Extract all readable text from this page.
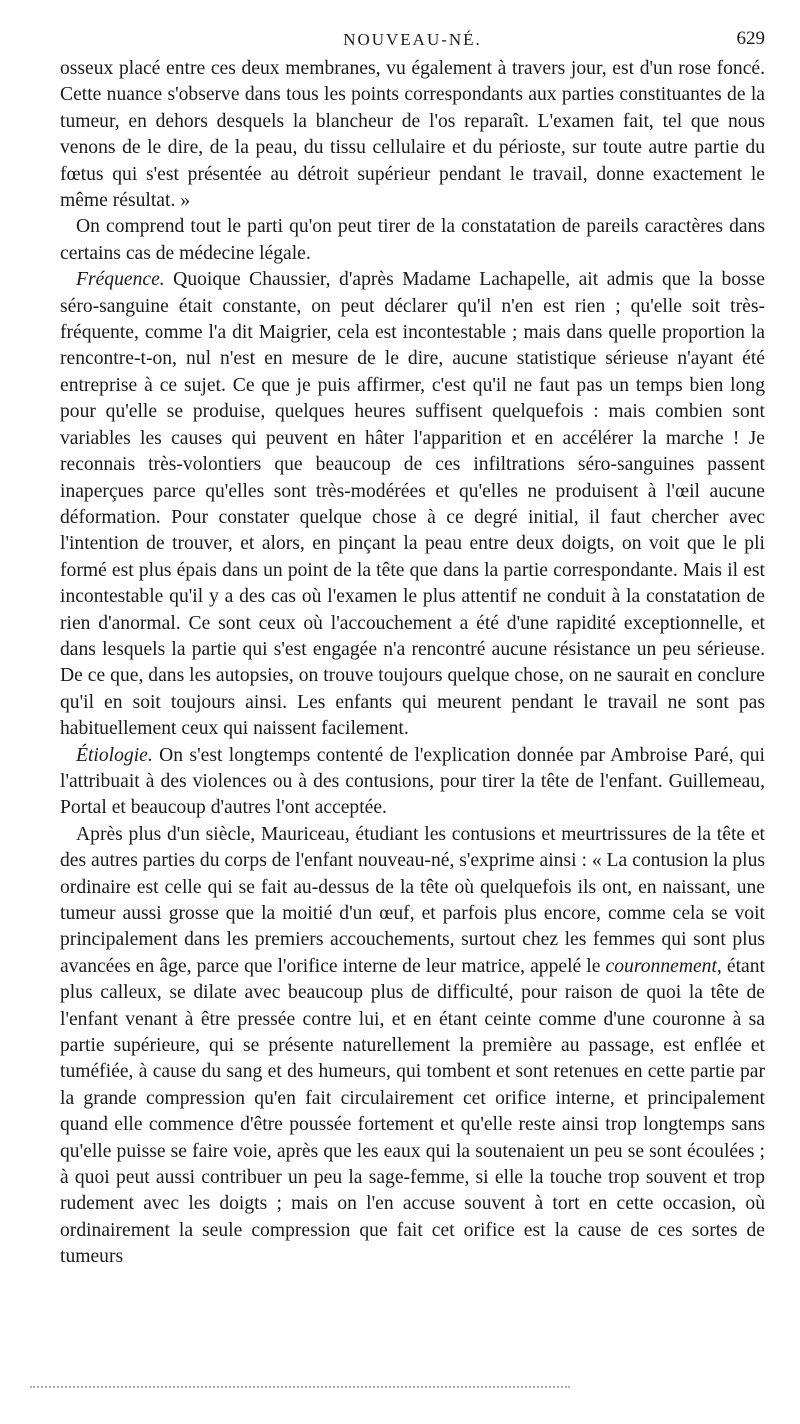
NOUVEAU-NÉ.	629

osseux placé entre ces deux membranes, vu également à travers jour, est d'un rose foncé. Cette nuance s'observe dans tous les points correspondants aux parties constituantes de la tumeur, en dehors desquels la blancheur de l'os reparaît. L'examen fait, tel que nous venons de le dire, de la peau, du tissu cellulaire et du périoste, sur toute autre partie du fœtus qui s'est présentée au détroit supérieur pendant le travail, donne exactement le même résultat. »

On comprend tout le parti qu'on peut tirer de la constatation de pareils caractères dans certains cas de médecine légale.

Fréquence. Quoique Chaussier, d'après Madame Lachapelle, ait admis que la bosse séro-sanguine était constante, on peut déclarer qu'il n'en est rien ; qu'elle soit très-fréquente, comme l'a dit Maigrier, cela est incontestable ; mais dans quelle proportion la rencontre-t-on, nul n'est en mesure de le dire, aucune statistique sérieuse n'ayant été entreprise à ce sujet. Ce que je puis affirmer, c'est qu'il ne faut pas un temps bien long pour qu'elle se produise, quelques heures suffisent quelquefois : mais combien sont variables les causes qui peuvent en hâter l'apparition et en accélérer la marche ! Je reconnais très-volontiers que beaucoup de ces infiltrations séro-sanguines passent inaperçues parce qu'elles sont très-modérées et qu'elles ne produisent à l'œil aucune déformation. Pour constater quelque chose à ce degré initial, il faut chercher avec l'intention de trouver, et alors, en pinçant la peau entre deux doigts, on voit que le pli formé est plus épais dans un point de la tête que dans la partie correspondante. Mais il est incontestable qu'il y a des cas où l'examen le plus attentif ne conduit à la constatation de rien d'anormal. Ce sont ceux où l'accouchement a été d'une rapidité exceptionnelle, et dans lesquels la partie qui s'est engagée n'a rencontré aucune résistance un peu sérieuse. De ce que, dans les autopsies, on trouve toujours quelque chose, on ne saurait en conclure qu'il en soit toujours ainsi. Les enfants qui meurent pendant le travail ne sont pas habituellement ceux qui naissent facilement.

Étiologie. On s'est longtemps contenté de l'explication donnée par Ambroise Paré, qui l'attribuait à des violences ou à des contusions, pour tirer la tête de l'enfant. Guillemeau, Portal et beaucoup d'autres l'ont acceptée.

Après plus d'un siècle, Mauriceau, étudiant les contusions et meurtrissures de la tête et des autres parties du corps de l'enfant nouveau-né, s'exprime ainsi : « La contusion la plus ordinaire est celle qui se fait au-dessus de la tête où quelquefois ils ont, en naissant, une tumeur aussi grosse que la moitié d'un œuf, et parfois plus encore, comme cela se voit principalement dans les premiers accouchements, surtout chez les femmes qui sont plus avancées en âge, parce que l'orifice interne de leur matrice, appelé le couronnement, étant plus calleux, se dilate avec beaucoup plus de difficulté, pour raison de quoi la tête de l'enfant venant à être pressée contre lui, et en étant ceinte comme d'une couronne à sa partie supérieure, qui se présente naturellement la première au passage, est enflée et tuméfiée, à cause du sang et des humeurs, qui tombent et sont retenues en cette partie par la grande compression qu'en fait circulairement cet orifice interne, et principalement quand elle commence d'être poussée fortement et qu'elle reste ainsi trop longtemps sans qu'elle puisse se faire voie, après que les eaux qui la soutenaient un peu se sont écoulées ; à quoi peut aussi contribuer un peu la sage-femme, si elle la touche trop souvent et trop rudement avec les doigts ; mais on l'en accuse souvent à tort en cette occasion, où ordinairement la seule compression que fait cet orifice est la cause de ces sortes de tumeurs
